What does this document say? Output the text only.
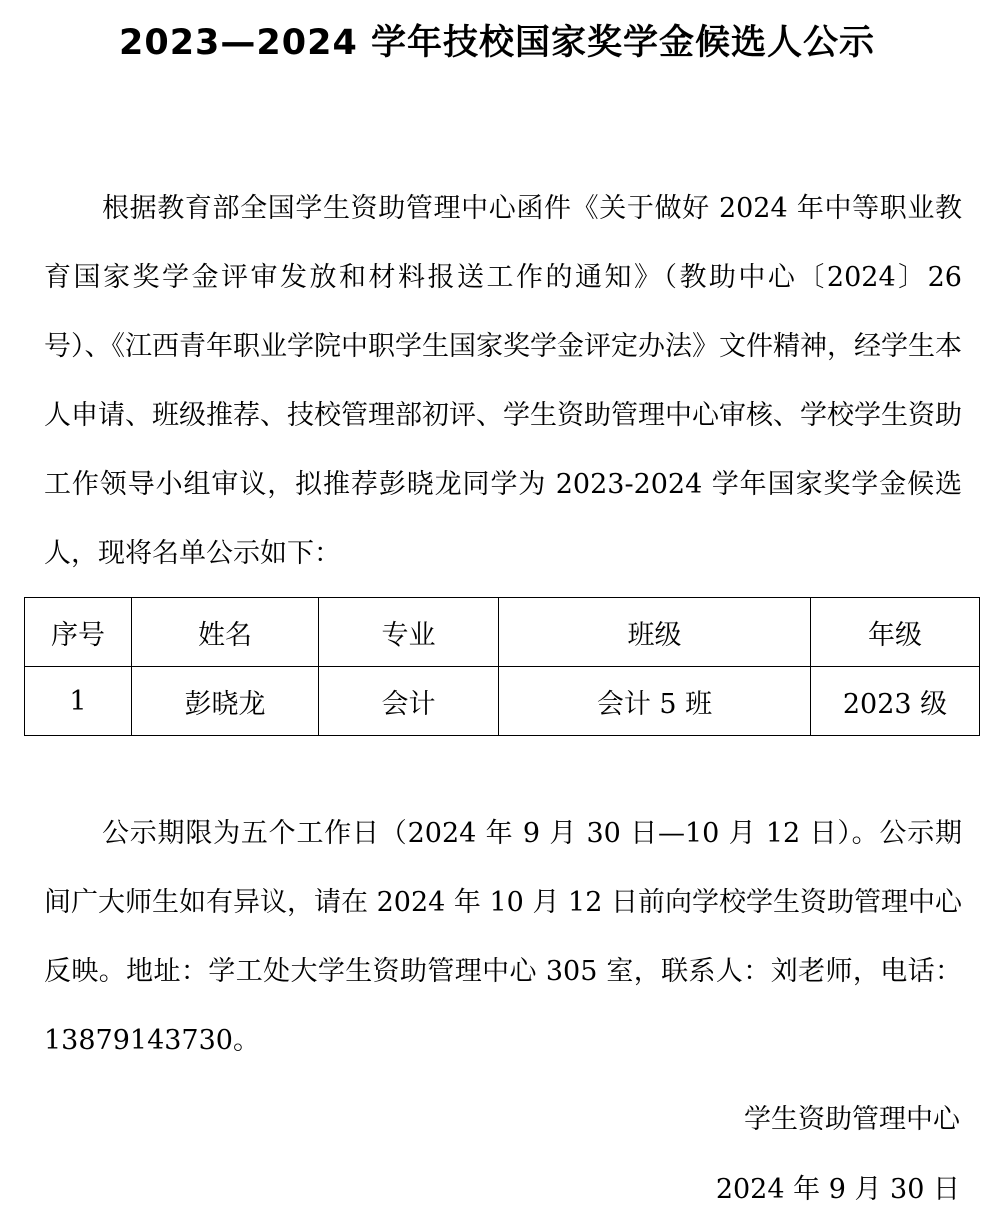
2023—2024 学年技校国家奖学金候选人公示

根据教育部全国学生资助管理中心函件《关于做好 2024 年中等职业教育国家奖学金评审发放和材料报送工作的通知》（教助中心〔2024〕26 号）、《江西青年职业学院中职学生国家奖学金评定办法》文件精神，经学生本人申请、班级推荐、技校管理部初评、学生资助管理中心审核、学校学生资助工作领导小组审议，拟推荐彭晓龙同学为 2023-2024 学年国家奖学金候选人，现将名单公示如下：

序号	姓名	专业	班级	年级
1	彭晓龙	会计	会计 5 班	2023 级

公示期限为五个工作日（2024 年 9 月 30 日—10 月 12 日）。公示期间广大师生如有异议，请在 2024 年 10 月 12 日前向学校学生资助管理中心反映。地址：学工处大学生资助管理中心 305 室，联系人：刘老师，电话：13879143730。

学生资助管理中心
2024 年 9 月 30 日
